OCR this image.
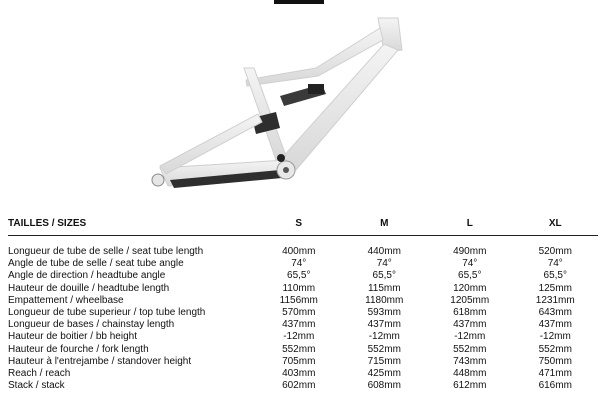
TAILLES / SIZES	S	M	L	XL

Longueur de tube de selle / seat tube length	400mm	440mm	490mm	520mm
Angle de tube de selle / seat tube angle	74°	74°	74°	74°
Angle de direction / headtube angle	65,5°	65,5°	65,5°	65,5°
Hauteur de douille / headtube length	110mm	115mm	120mm	125mm
Empattement / wheelbase	1156mm	1180mm	1205mm	1231mm
Longueur de tube superieur / top tube length	570mm	593mm	618mm	643mm
Longueur de bases / chainstay length	437mm	437mm	437mm	437mm
Hauteur de boitier / bb height	-12mm	-12mm	-12mm	-12mm
Hauteur de fourche / fork length	552mm	552mm	552mm	552mm
Hauteur à l'entrejambe / standover height	705mm	715mm	743mm	750mm
Reach / reach	403mm	425mm	448mm	471mm
Stack / stack	602mm	608mm	612mm	616mm
